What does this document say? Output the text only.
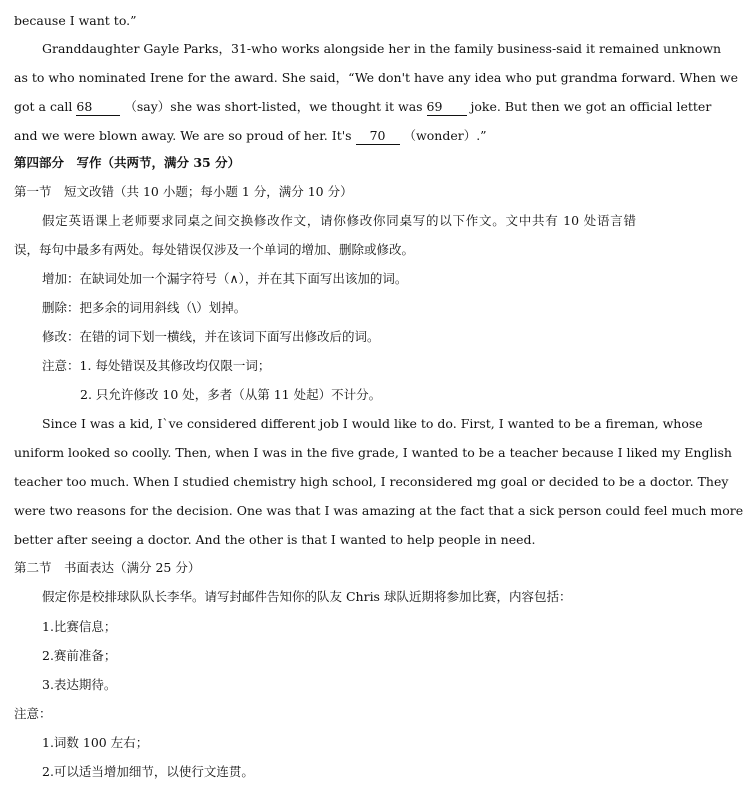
because I want to.”
Granddaughter Gayle Parks，31-who works alongside her in the family business-said it remained unknown
as to who nominated Irene for the award. She said，“We don't have any idea who put grandma forward. When we
got a call 68	（say）she was short-listed，we thought it was 69 joke. But then we got an official letter
and we were blown away. We are so proud of her. It's 70 （wonder）.”
第四部分　写作（共两节，满分 35 分）
第一节　短文改错（共 10 小题；每小题 1 分，满分 10 分）
假定英语课上老师要求同桌之间交换修改作文，请你修改你同桌写的以下作文。文中共有 10 处语言错
误，每句中最多有两处。每处错误仅涉及一个单词的增加、删除或修改。
增加：在缺词处加一个漏字符号（∧），并在其下面写出该加的词。
删除：把多余的词用斜线（\）划掉。
修改：在错的词下划一横线，并在该词下面写出修改后的词。
注意：1. 每处错误及其修改均仅限一词；
2. 只允许修改 10 处，多者（从第 11 处起）不计分。
Since I was a kid, I`ve considered different job I would like to do. First, I wanted to be a fireman, whose
uniform looked so coolly. Then, when I was in the five grade, I wanted to be a teacher because I liked my English
teacher too much. When I studied chemistry high school, I reconsidered mg goal or decided to be a doctor. They
were two reasons for the decision. One was that I was amazing at the fact that a sick person could feel much more
better after seeing a doctor. And the other is that I wanted to help people in need.
第二节　书面表达（满分 25 分）
假定你是校排球队队长李华。请写封邮件告知你的队友 Chris 球队近期将参加比赛，内容包括：
1.比赛信息；
2.赛前准备；
3.表达期待。
注意：
1.词数 100 左右；
2.可以适当增加细节，以使行文连贯。
